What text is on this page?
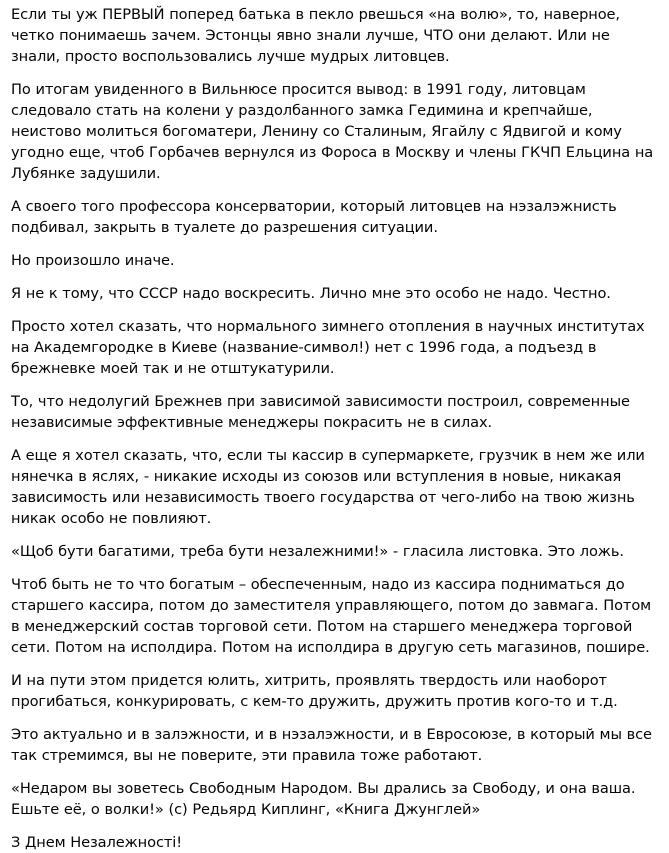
Если ты уж ПЕРВЫЙ поперед батька в пекло рвешься «на волю», то, наверное, четко понимаешь зачем. Эстонцы явно знали лучше, ЧТО они делают. Или не знали, просто воспользовались лучше мудрых литовцев.

По итогам увиденного в Вильнюсе просится вывод: в 1991 году, литовцам следовало стать на колени у раздолбанного замка Гедимина и крепчайше, неистово молиться богоматери, Ленину со Сталиным, Ягайлу с Ядвигой и кому угодно еще, чтоб Горбачев вернулся из Фороса в Москву и члены ГКЧП Ельцина на Лубянке задушили.

А своего того профессора консерватории, который литовцев на нэзалэжнисть подбивал, закрыть в туалете до разрешения ситуации.

Но произошло иначе.

Я не к тому, что СССР надо воскресить. Лично мне это особо не надо. Честно.

Просто хотел сказать, что нормального зимнего отопления в научных институтах на Академгородке в Киеве (название-символ!) нет с 1996 года, а подъезд в брежневке моей так и не отштукатурили.

То, что недолугий Брежнев при зависимой зависимости построил, современные независимые эффективные менеджеры покрасить не в силах.

А еще я хотел сказать, что, если ты кассир в супермаркете, грузчик в нем же или нянечка в яслях, - никакие исходы из союзов или вступления в новые, никакая зависимость или независимость твоего государства от чего-либо на твою жизнь никак особо не повлияют.

«Щоб бути багатими, треба бути незалежними!» - гласила листовка. Это ложь.

Чтоб быть не то что богатым – обеспеченным, надо из кассира подниматься до старшего кассира, потом до заместителя управляющего, потом до завмага. Потом в менеджерский состав торговой сети. Потом на старшего менеджера торговой сети. Потом на исполдира. Потом на исполдира в другую сеть магазинов, пошире.

И на пути этом придется юлить, хитрить, проявлять твердость или наоборот прогибаться, конкурировать, с кем-то дружить, дружить против кого-то и т.д.

Это актуально и в залэжности, и в нэзалэжности, и в Евросоюзе, в который мы все так стремимся, вы не поверите, эти правила тоже работают.

«Недаром вы зоветесь Свободным Народом. Вы дрались за Свободу, и она ваша. Ешьте её, о волки!» (с) Редьярд Киплинг, «Книга Джунглей»

З Днем Незалежності!
